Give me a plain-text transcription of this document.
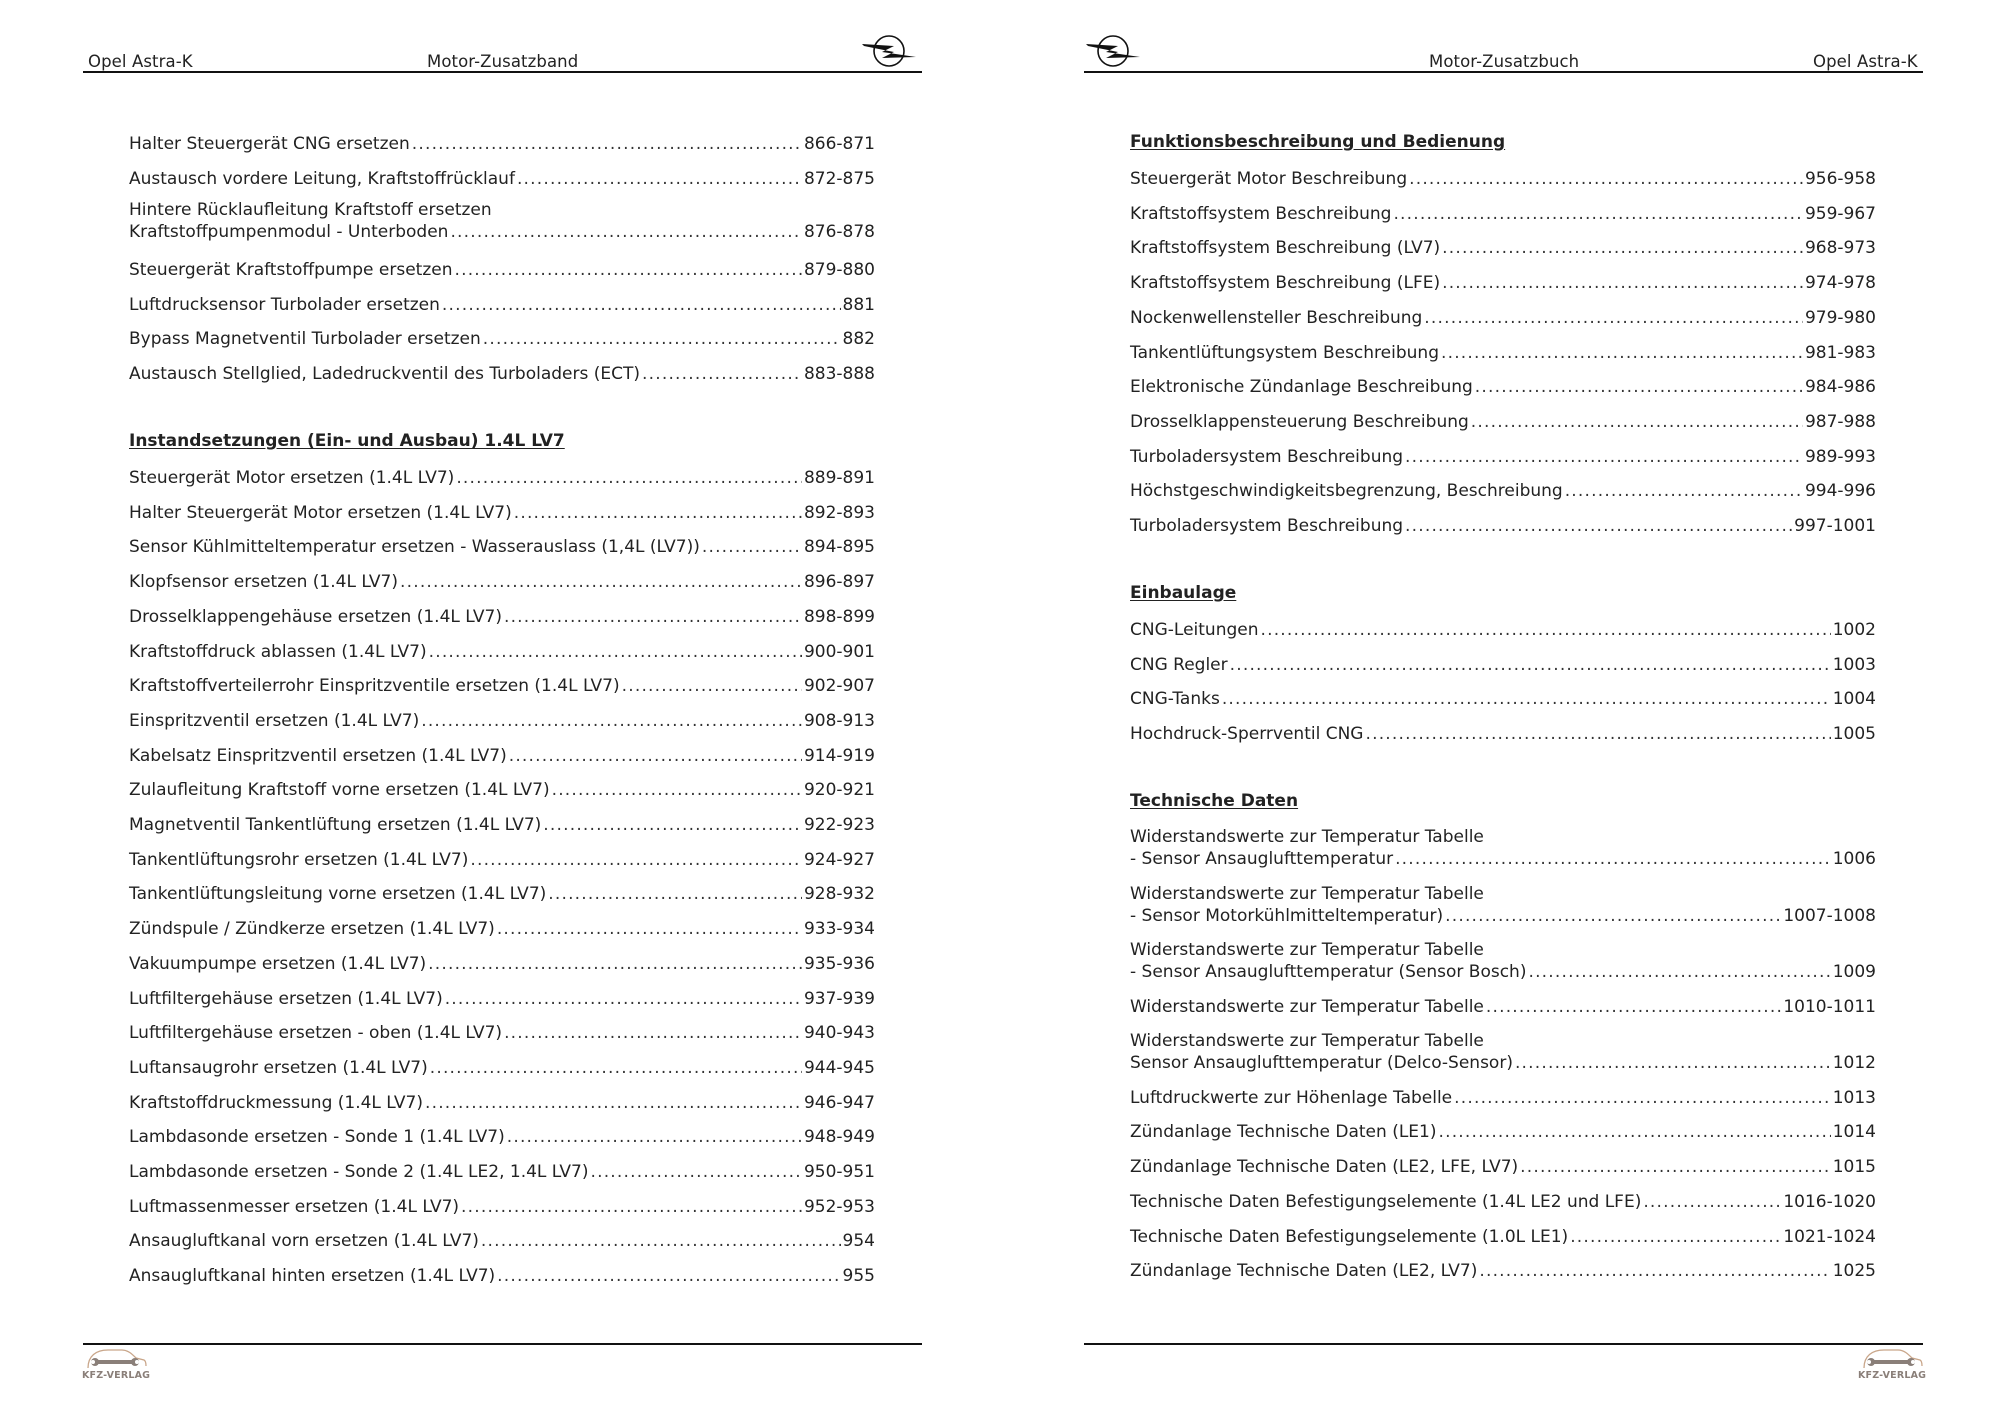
Opel Astra-K	Motor-Zusatzband
Halter Steuergerät CNG ersetzen .....	866-871
Austausch vordere Leitung, Kraftstoffrücklauf .....	872-875
Hintere Rücklaufleitung Kraftstoff ersetzen
Kraftstoffpumpenmodul - Unterboden .....	876-878
Steuergerät Kraftstoffpumpe ersetzen .....	879-880
Luftdrucksensor Turbolader ersetzen .....	881
Bypass Magnetventil Turbolader ersetzen .....	882
Austausch Stellglied, Ladedruckventil des Turboladers (ECT) .....	883-888
Instandsetzungen (Ein- und Ausbau) 1.4L LV7
Steuergerät Motor ersetzen (1.4L LV7) .....	889-891
Halter Steuergerät Motor ersetzen (1.4L LV7) .....	892-893
Sensor Kühlmitteltemperatur ersetzen - Wasserauslass (1,4L (LV7)) .....	894-895
Klopfsensor ersetzen (1.4L LV7) .....	896-897
Drosselklappengehäuse ersetzen (1.4L LV7) .....	898-899
Kraftstoffdruck ablassen (1.4L LV7) .....	900-901
Kraftstoffverteilerrohr Einspritzventile ersetzen (1.4L LV7) .....	902-907
Einspritzventil ersetzen (1.4L LV7) .....	908-913
Kabelsatz Einspritzventil ersetzen (1.4L LV7) .....	914-919
Zulaufleitung Kraftstoff vorne ersetzen (1.4L LV7) .....	920-921
Magnetventil Tankentlüftung ersetzen (1.4L LV7) .....	922-923
Tankentlüftungsrohr ersetzen (1.4L LV7) .....	924-927
Tankentlüftungsleitung vorne ersetzen (1.4L LV7) .....	928-932
Zündspule / Zündkerze ersetzen (1.4L LV7) .....	933-934
Vakuumpumpe ersetzen (1.4L LV7) .....	935-936
Luftfiltergehäuse ersetzen (1.4L LV7) .....	937-939
Luftfiltergehäuse ersetzen - oben (1.4L LV7) .....	940-943
Luftansaugrohr ersetzen (1.4L LV7) .....	944-945
Kraftstoffdruckmessung (1.4L LV7) .....	946-947
Lambdasonde ersetzen - Sonde 1 (1.4L LV7) .....	948-949
Lambdasonde ersetzen - Sonde 2 (1.4L LE2, 1.4L LV7) .....	950-951
Luftmassenmesser ersetzen (1.4L LV7) .....	952-953
Ansaugluftkanal vorn ersetzen (1.4L LV7) .....	954
Ansaugluftkanal hinten ersetzen (1.4L LV7) .....	955
KFZ-VERLAG
Motor-Zusatzbuch	Opel Astra-K
Funktionsbeschreibung und Bedienung
Steuergerät Motor Beschreibung .....	956-958
Kraftstoffsystem Beschreibung .....	959-967
Kraftstoffsystem Beschreibung (LV7) .....	968-973
Kraftstoffsystem Beschreibung (LFE) .....	974-978
Nockenwellensteller Beschreibung .....	979-980
Tankentlüftungsystem Beschreibung .....	981-983
Elektronische Zündanlage Beschreibung .....	984-986
Drosselklappensteuerung Beschreibung .....	987-988
Turboladersystem Beschreibung .....	989-993
Höchstgeschwindigkeitsbegrenzung, Beschreibung .....	994-996
Turboladersystem Beschreibung .....	997-1001
Einbaulage
CNG-Leitungen .....	1002
CNG Regler .....	1003
CNG-Tanks .....	1004
Hochdruck-Sperrventil CNG .....	1005
Technische Daten
Widerstandswerte zur Temperatur Tabelle
- Sensor Ansauglufttemperatur .....	1006
Widerstandswerte zur Temperatur Tabelle
- Sensor Motorkühlmitteltemperatur) .....	1007-1008
Widerstandswerte zur Temperatur Tabelle
- Sensor Ansauglufttemperatur (Sensor Bosch) .....	1009
Widerstandswerte zur Temperatur Tabelle .....	1010-1011
Widerstandswerte zur Temperatur Tabelle
Sensor Ansauglufttemperatur (Delco-Sensor) .....	1012
Luftdruckwerte zur Höhenlage Tabelle .....	1013
Zündanlage Technische Daten (LE1) .....	1014
Zündanlage Technische Daten (LE2, LFE, LV7) .....	1015
Technische Daten Befestigungselemente (1.4L LE2 und LFE) .....	1016-1020
Technische Daten Befestigungselemente (1.0L LE1) .....	1021-1024
Zündanlage Technische Daten (LE2, LV7) .....	1025
KFZ-VERLAG
